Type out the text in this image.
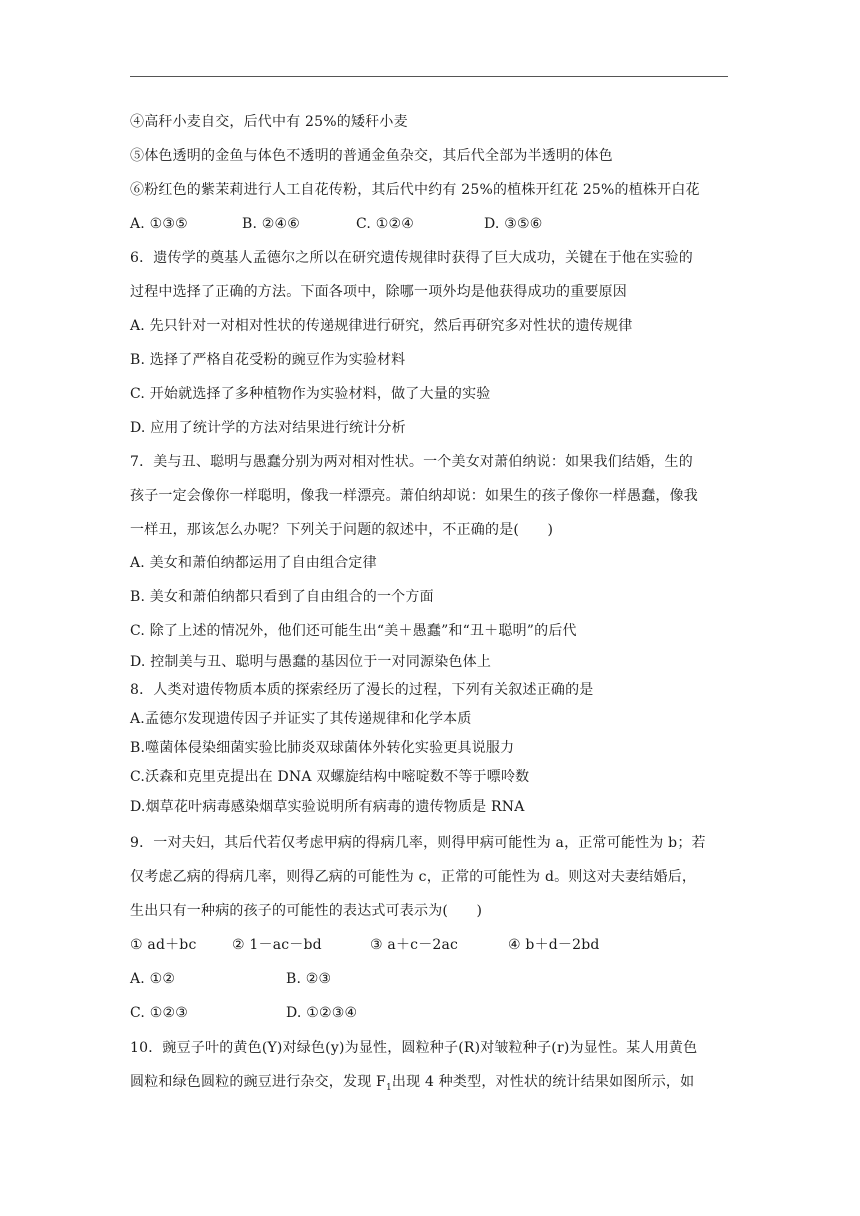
④高秆小麦自交，后代中有 25%的矮秆小麦
⑤体色透明的金鱼与体色不透明的普通金鱼杂交，其后代全部为半透明的体色
⑥粉红色的紫茉莉进行人工自花传粉，其后代中约有 25%的植株开红花 25%的植株开白花
A. ①③⑤	B. ②④⑥	C. ①②④	D. ③⑤⑥
6．遗传学的奠基人孟德尔之所以在研究遗传规律时获得了巨大成功，关键在于他在实验的
过程中选择了正确的方法。下面各项中，除哪一项外均是他获得成功的重要原因
A. 先只针对一对相对性状的传递规律进行研究，然后再研究多对性状的遗传规律
B. 选择了严格自花受粉的豌豆作为实验材料
C. 开始就选择了多种植物作为实验材料，做了大量的实验
D. 应用了统计学的方法对结果进行统计分析
7．美与丑、聪明与愚蠢分别为两对相对性状。一个美女对萧伯纳说：如果我们结婚，生的
孩子一定会像你一样聪明，像我一样漂亮。萧伯纳却说：如果生的孩子像你一样愚蠢，像我
一样丑，那该怎么办呢？下列关于问题的叙述中，不正确的是(　　)
A. 美女和萧伯纳都运用了自由组合定律
B. 美女和萧伯纳都只看到了自由组合的一个方面
C. 除了上述的情况外，他们还可能生出“美＋愚蠢”和“丑＋聪明”的后代
D. 控制美与丑、聪明与愚蠢的基因位于一对同源染色体上
8．人类对遗传物质本质的探索经历了漫长的过程，下列有关叙述正确的是
A.孟德尔发现遗传因子并证实了其传递规律和化学本质
B.噬菌体侵染细菌实验比肺炎双球菌体外转化实验更具说服力
C.沃森和克里克提出在 DNA 双螺旋结构中嘧啶数不等于嘌呤数
D.烟草花叶病毒感染烟草实验说明所有病毒的遗传物质是 RNA
9．一对夫妇，其后代若仅考虑甲病的得病几率，则得甲病可能性为 a，正常可能性为 b；若
仅考虑乙病的得病几率，则得乙病的可能性为 c，正常的可能性为 d。则这对夫妻结婚后，
生出只有一种病的孩子的可能性的表达式可表示为(　　)
① ad＋bc	② 1－ac－bd	③ a＋c－2ac	④ b＋d－2bd
A. ①②	B. ②③
C. ①②③	D. ①②③④
10．豌豆子叶的黄色(Y)对绿色(y)为显性，圆粒种子(R)对皱粒种子(r)为显性。某人用黄色
圆粒和绿色圆粒的豌豆进行杂交，发现 $F_1$出现 4 种类型，对性状的统计结果如图所示，如
